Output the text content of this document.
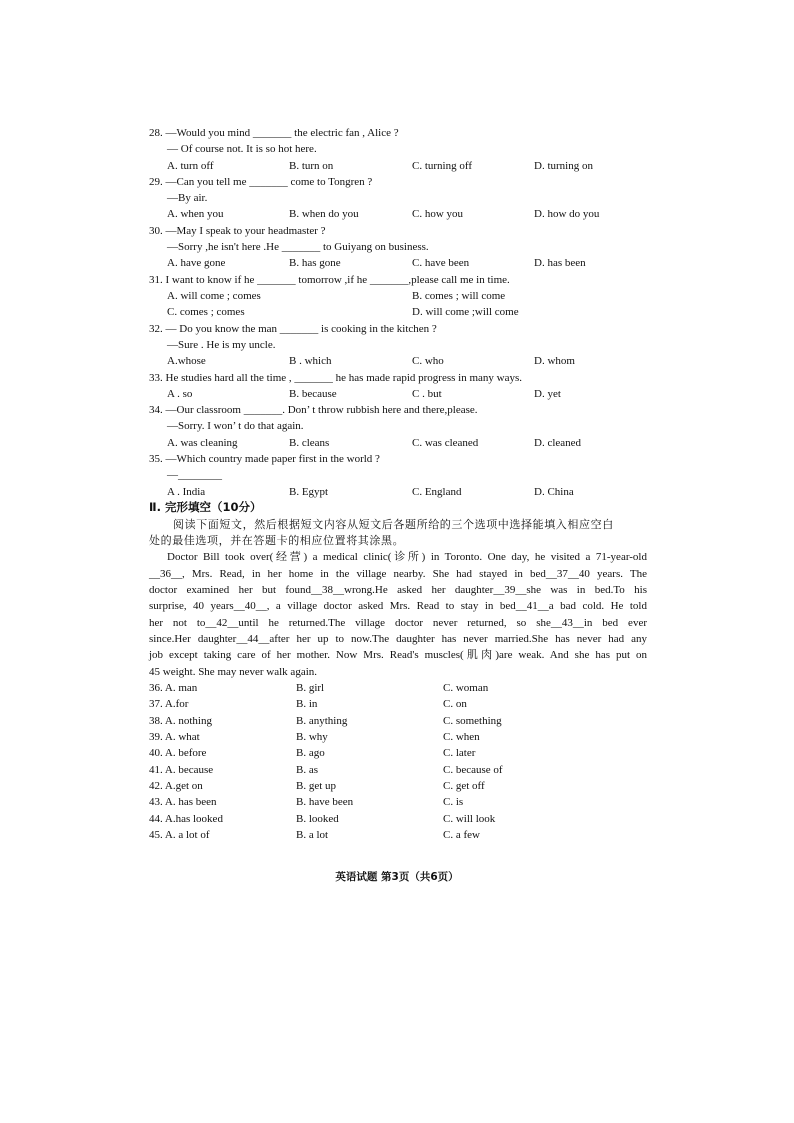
28. —Would you mind _______ the electric fan , Alice ?
— Of course not. It is so hot here.
A. turn off	B. turn on	C. turning off	D. turning on
29. —Can you tell me _______ come to Tongren ?
—By air.
A. when you	B. when do you	C. how you	D. how do you
30. —May I speak to your headmaster ?
—Sorry ,he isn't here .He _______ to Guiyang on business.
A. have gone	B. has gone	C. have been	D. has been
31. I want to know if he _______ tomorrow ,if he _______,please call me in time.
A. will come ; comes	B. comes ; will come
C. comes ; comes	D. will come ;will come
32. — Do you know the man _______ is cooking in the kitchen ?
—Sure . He is my uncle.
A.whose	B . which	C. who	D. whom
33. He studies hard all the time , _______ he has made rapid progress in many ways.
A . so	B. because	C . but	D. yet
34. —Our classroom _______. Don’ t throw rubbish here and there,please.
—Sorry. I won’ t do that again.
A. was cleaning	B. cleans	C. was cleaned	D. cleaned
35. —Which country made paper first in the world ?
—________
A . India	B. Egypt	C. England	D. China
Ⅱ. 完形填空（10分）
阅读下面短文，然后根据短文内容从短文后各题所给的三个选项中选择能填入相应空白
处的最佳选项，并在答题卡的相应位置将其涂黑。
Doctor Bill took over(经营) a medical clinic(诊所) in Toronto. One day, he visited a 71-year-old
__36__, Mrs. Read, in her home in the village nearby. She had stayed in bed__37__40 years. The
doctor examined her but found__38__wrong.He asked her daughter__39__she was in bed.To his
surprise, 40 years__40__, a village doctor asked Mrs. Read to stay in bed__41__a bad cold. He told
her not to__42__until he returned.The village doctor never returned, so she__43__in bed ever
since.Her daughter__44__after her up to now.The daughter has never married.She has never had any
job except taking care of her mother. Now Mrs. Read's muscles(肌肉)are weak. And she has put on
45 weight. She may never walk again.
36. A. man	B. girl	C. woman
37. A.for	B. in	C. on
38. A. nothing	B. anything	C. something
39. A. what	B. why	C. when
40. A. before	B. ago	C. later
41. A. because	B. as	C. because of
42. A.get on	B. get up	C. get off
43. A. has been	B. have been	C. is
44. A.has looked	B. looked	C. will look
45. A. a lot of	B. a lot	C. a few
英语试题 第3页（共6页）
